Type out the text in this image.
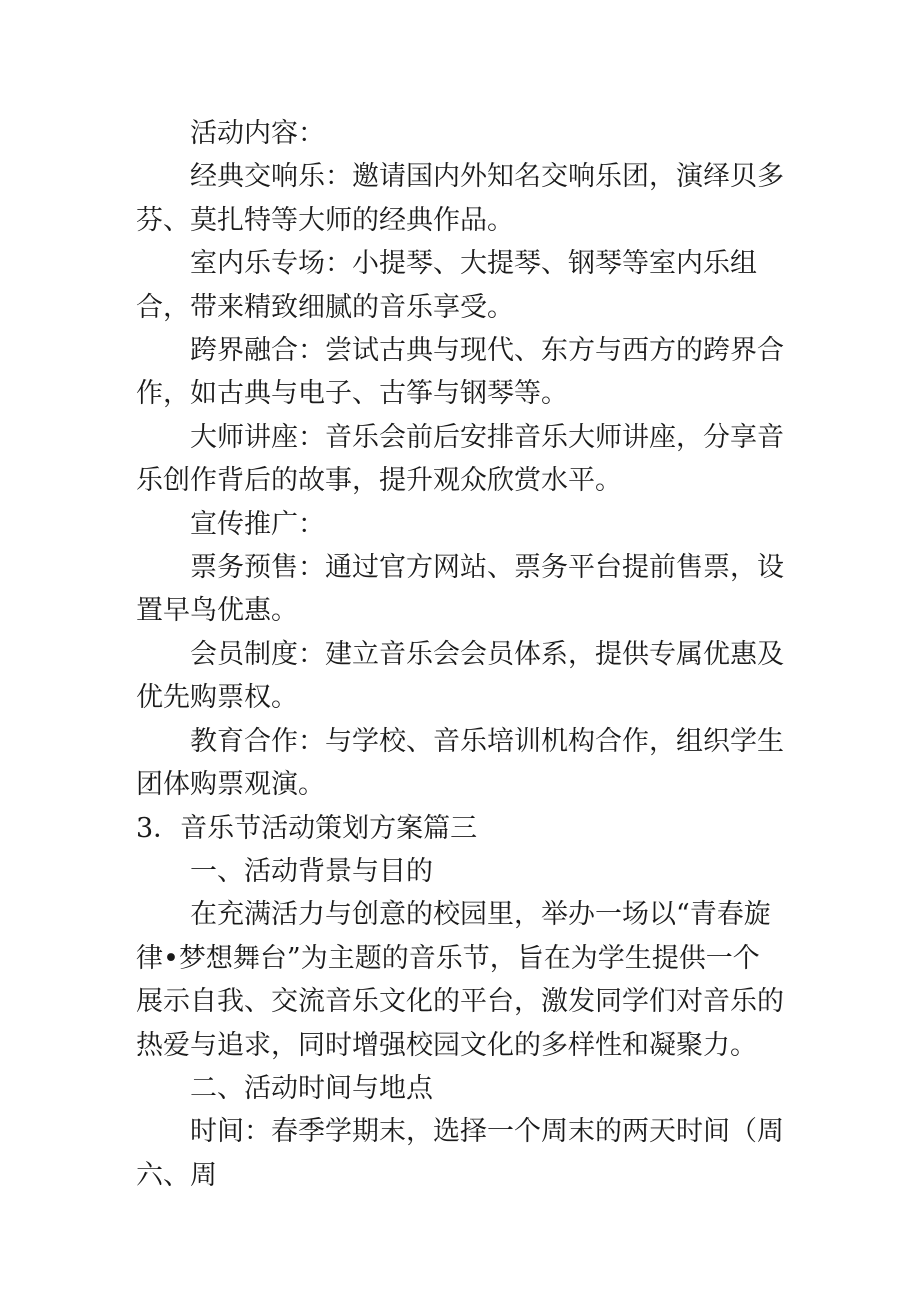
活动内容：

经典交响乐：邀请国内外知名交响乐团，演绎贝多芬、莫扎特等大师的经典作品。

室内乐专场：小提琴、大提琴、钢琴等室内乐组合，带来精致细腻的音乐享受。

跨界融合：尝试古典与现代、东方与西方的跨界合作，如古典与电子、古筝与钢琴等。

大师讲座：音乐会前后安排音乐大师讲座，分享音乐创作背后的故事，提升观众欣赏水平。

宣传推广：

票务预售：通过官方网站、票务平台提前售票，设置早鸟优惠。

会员制度：建立音乐会会员体系，提供专属优惠及优先购票权。

教育合作：与学校、音乐培训机构合作，组织学生团体购票观演。

3．音乐节活动策划方案篇三

一、活动背景与目的

在充满活力与创意的校园里，举办一场以“青春旋律•梦想舞台”为主题的音乐节，旨在为学生提供一个展示自我、交流音乐文化的平台，激发同学们对音乐的热爱与追求，同时增强校园文化的多样性和凝聚力。

二、活动时间与地点

时间：春季学期末，选择一个周末的两天时间（周六、周
